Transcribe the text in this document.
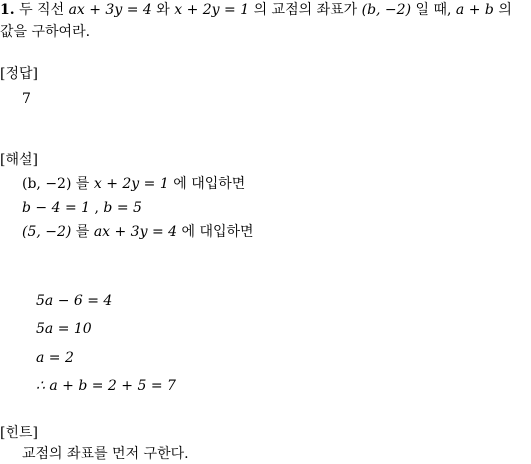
1. 두 직선 ax + 3y = 4 와 x + 2y = 1 의 교점의 좌표가 (b, −2) 일 때, a + b 의
값을 구하여라.
[정답]
7
[해설]
(b, −2) 를 x + 2y = 1 에 대입하면
b − 4 = 1 , b = 5
(5, −2) 를 ax + 3y = 4 에 대입하면
5a − 6 = 4
5a = 10
a = 2
∴ a + b = 2 + 5 = 7
[힌트]
교점의 좌표를 먼저 구한다.
